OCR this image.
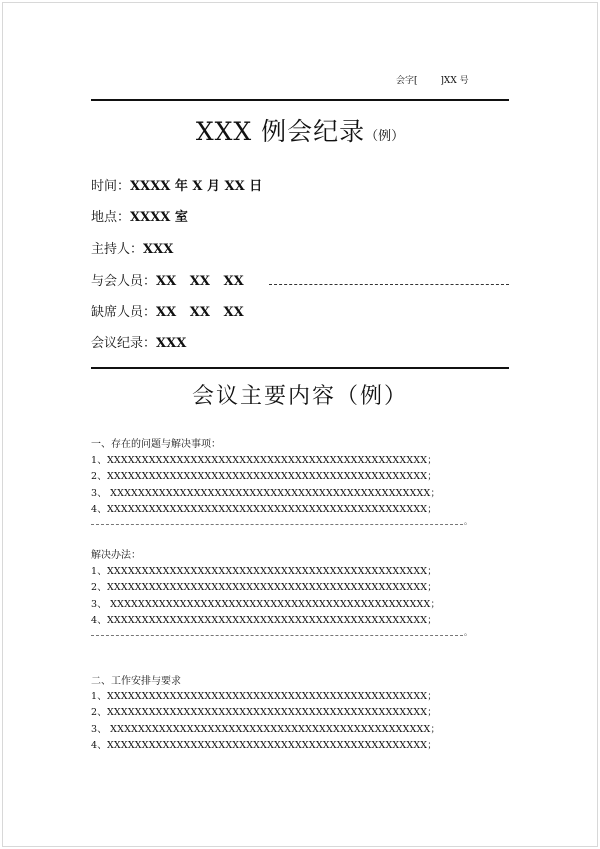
会字[        ]XX 号
XXX 例会纪录（例）
时间：XXXX 年 X 月 XX 日
地点：XXXX 室
主持人：XXX
与会人员：XX   XX   XX
缺席人员：XX   XX   XX
会议纪录：XXX
会议主要内容（例）
一、存在的问题与解决事项：
1、XXXXXXXXXXXXXXXXXXXXXXXXXXXXXXXXXXXXXXXXXXXXXX；
2、XXXXXXXXXXXXXXXXXXXXXXXXXXXXXXXXXXXXXXXXXXXXXX；
3、 XXXXXXXXXXXXXXXXXXXXXXXXXXXXXXXXXXXXXXXXXXXXXX；
4、XXXXXXXXXXXXXXXXXXXXXXXXXXXXXXXXXXXXXXXXXXXXXX；
。
解决办法：
1、XXXXXXXXXXXXXXXXXXXXXXXXXXXXXXXXXXXXXXXXXXXXXX；
2、XXXXXXXXXXXXXXXXXXXXXXXXXXXXXXXXXXXXXXXXXXXXXX；
3、 XXXXXXXXXXXXXXXXXXXXXXXXXXXXXXXXXXXXXXXXXXXXXX；
4、XXXXXXXXXXXXXXXXXXXXXXXXXXXXXXXXXXXXXXXXXXXXXX；
。
二、工作安排与要求
1、XXXXXXXXXXXXXXXXXXXXXXXXXXXXXXXXXXXXXXXXXXXXXX；
2、XXXXXXXXXXXXXXXXXXXXXXXXXXXXXXXXXXXXXXXXXXXXXX；
3、 XXXXXXXXXXXXXXXXXXXXXXXXXXXXXXXXXXXXXXXXXXXXXX；
4、XXXXXXXXXXXXXXXXXXXXXXXXXXXXXXXXXXXXXXXXXXXXXX；
